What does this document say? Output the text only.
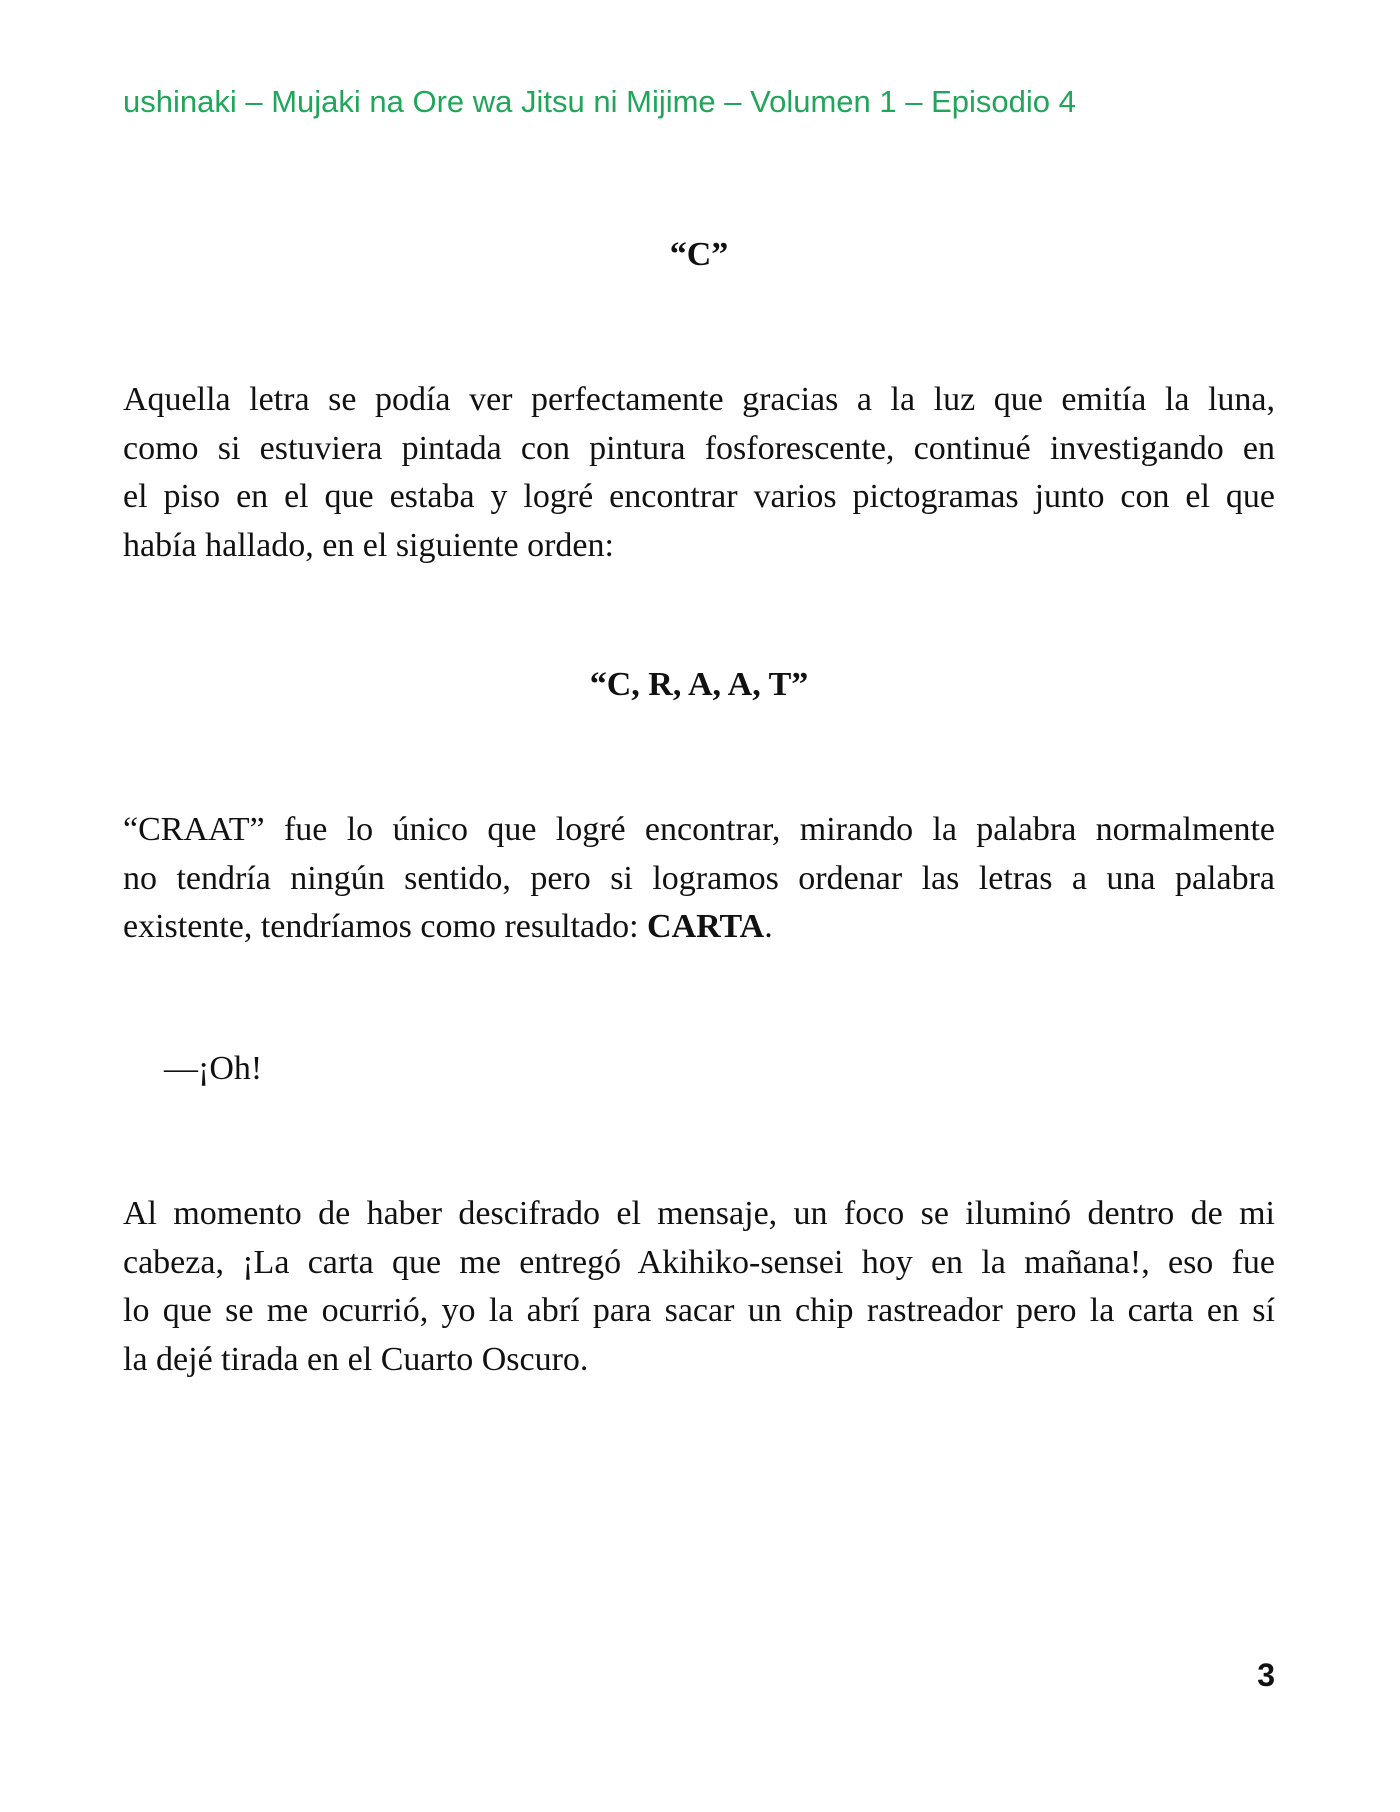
ushinaki – Mujaki na Ore wa Jitsu ni Mijime – Volumen 1 – Episodio 4
“C”
Aquella letra se podía ver perfectamente gracias a la luz que emitía la luna,
como si estuviera pintada con pintura fosforescente, continué investigando en
el piso en el que estaba y logré encontrar varios pictogramas junto con el que
había hallado, en el siguiente orden:
“C, R, A, A, T”
“CRAAT” fue lo único que logré encontrar, mirando la palabra normalmente
no tendría ningún sentido, pero si logramos ordenar las letras a una palabra
existente, tendríamos como resultado: CARTA.
—¡Oh!
Al momento de haber descifrado el mensaje, un foco se iluminó dentro de mi
cabeza, ¡La carta que me entregó Akihiko-sensei hoy en la mañana!, eso fue
lo que se me ocurrió, yo la abrí para sacar un chip rastreador pero la carta en sí
la dejé tirada en el Cuarto Oscuro.
3
